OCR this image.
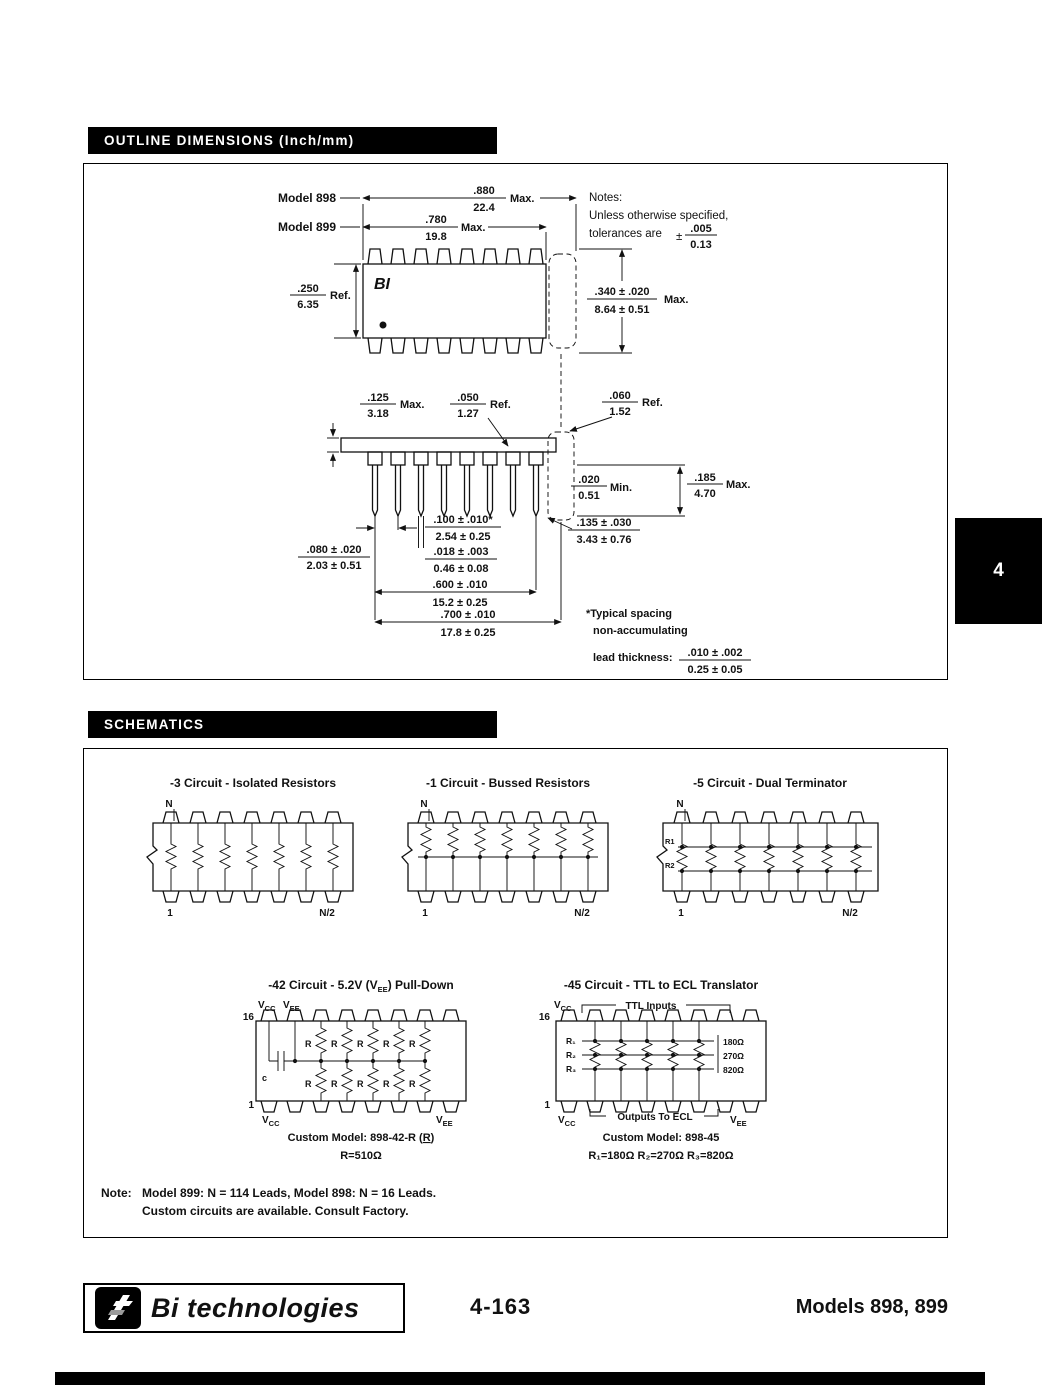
OUTLINE DIMENSIONS (Inch/mm)
BI
.880
22.4
Max.
.780
19.8
Max.
Model 898
Model 899
.250
6.35
Ref.	.340 ± .020
8.64 ± 0.51
Max.
Notes:
Unless otherwise specified,
tolerances are ±
.005
0.13
.125
3.18
Max.
.050
1.27
Ref.
.060
1.52
Ref.
.020
0.51
Min.
.185
4.70
Max.
.100 ± .010*
2.54 ± 0.25
.018 ± .003
0.46 ± 0.08
.080 ± .020
2.03 ± 0.51
.600 ± .010
15.2 ± 0.25
.700 ± .010
17.8 ± 0.25
.135 ± .030
3.43 ± 0.76
*Typical spacing
non-accumulating
lead thickness: .010 ± .002
0.25 ± 0.05
4
SCHEMATICS
-3 Circuit - Isolated Resistors
N
1	N/2
-1 Circuit - Bussed Resistors
N
1	N/2
-5 Circuit - Dual Terminator
N
R1
R2
1	N/2
-42 Circuit - 5.2V $(V_{EE})$ Pull-Down
$V_{CC}$ $V_{EE}$
16
c
R R R R R
R R R R R
1
$V_{CC}$	$V_{EE}$
Custom Model: 898-42-R (R)
R=510Ω
-45 Circuit - TTL to ECL Translator
$V_{CC}$	TTL Inputs
16
R₁
R₂
R₃
180Ω
270Ω
820Ω
1
$V_{CC}$
Outputs To ECL	$V_{EE}$
Custom Model: 898-45
R₁=180Ω R₂=270Ω R₃=820Ω
Note: Model 899: N = 114 Leads, Model 898: N = 16 Leads.
Custom circuits are available. Consult Factory.
Bi technologies	4-163	Models 898, 899
